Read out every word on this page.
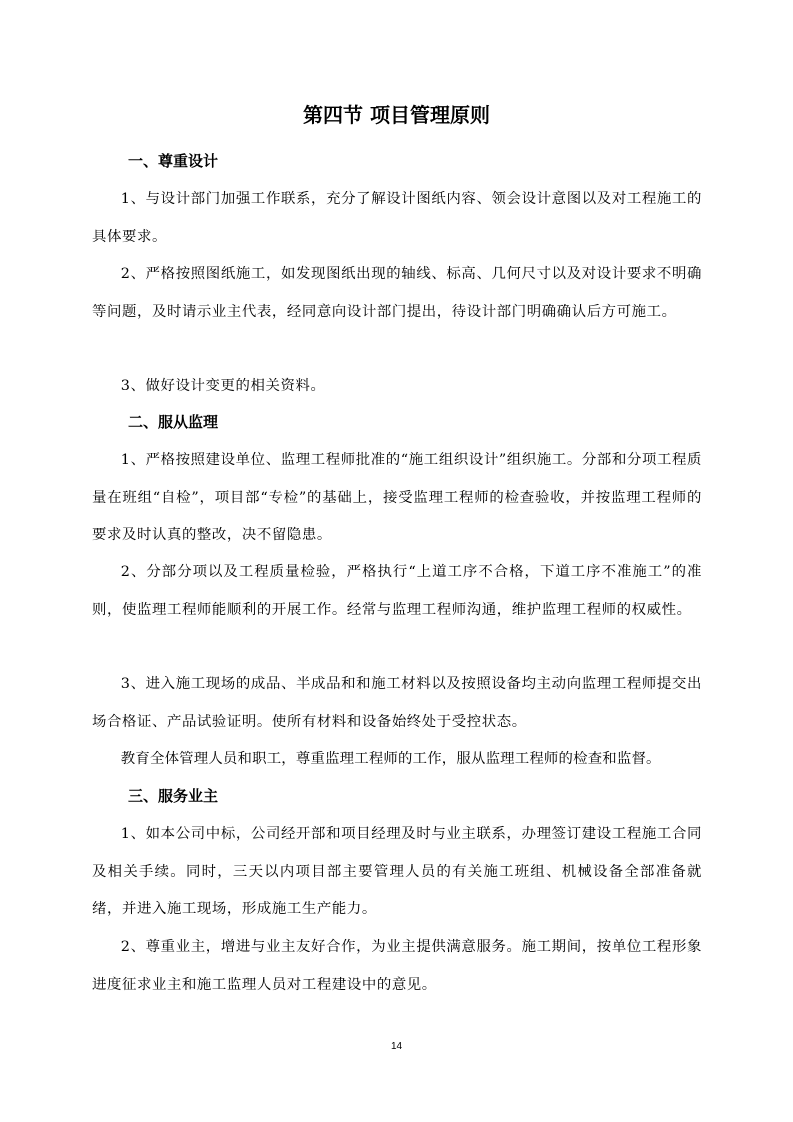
第四节 项目管理原则
一、尊重设计

1、与设计部门加强工作联系，充分了解设计图纸内容、领会设计意图以及对工程施工的具体要求。

2、严格按照图纸施工，如发现图纸出现的轴线、标高、几何尺寸以及对设计要求不明确等问题，及时请示业主代表，经同意向设计部门提出，待设计部门明确确认后方可施工。

3、做好设计变更的相关资料。

二、服从监理

1、严格按照建设单位、监理工程师批准的“施工组织设计”组织施工。分部和分项工程质量在班组“自检”，项目部“专检”的基础上，接受监理工程师的检查验收，并按监理工程师的要求及时认真的整改，决不留隐患。

2、分部分项以及工程质量检验，严格执行“上道工序不合格，下道工序不准施工”的准则，使监理工程师能顺利的开展工作。经常与监理工程师沟通，维护监理工程师的权威性。

3、进入施工现场的成品、半成品和和施工材料以及按照设备均主动向监理工程师提交出场合格证、产品试验证明。使所有材料和设备始终处于受控状态。

教育全体管理人员和职工，尊重监理工程师的工作，服从监理工程师的检查和监督。

三、服务业主

1、如本公司中标，公司经开部和项目经理及时与业主联系，办理签订建设工程施工合同及相关手续。同时，三天以内项目部主要管理人员的有关施工班组、机械设备全部准备就绪，并进入施工现场，形成施工生产能力。

2、尊重业主，增进与业主友好合作，为业主提供满意服务。施工期间，按单位工程形象进度征求业主和施工监理人员对工程建设中的意见。

14
